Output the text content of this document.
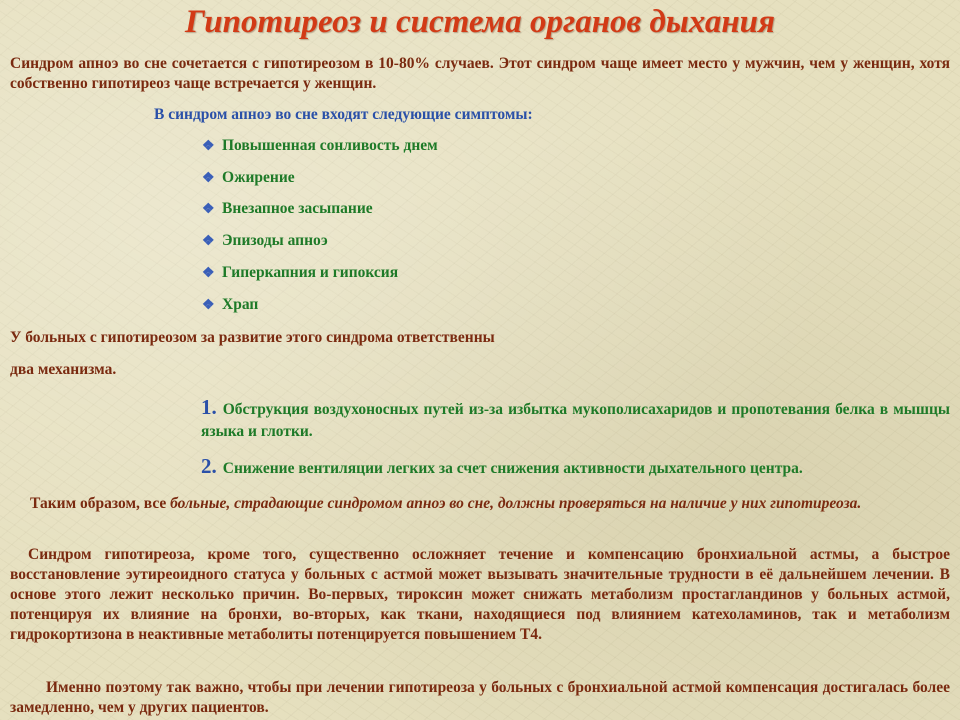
Гипотиреоз и система органов дыхания
Синдром апноэ во сне сочетается с гипотиреозом в 10-80% случаев. Этот синдром чаще имеет место у мужчин, чем у женщин, хотя собственно гипотиреоз чаще встречается у женщин.
В синдром апноэ во сне входят следующие симптомы:
❖ Повышенная сонливость днем
❖ Ожирение
❖ Внезапное засыпание
❖ Эпизоды апноэ
❖ Гиперкапния и гипоксия
❖ Храп
У больных с гипотиреозом за развитие этого синдрома ответственны
два механизма.
1. Обструкция воздухоносных путей из-за избытка мукополисахаридов и пропотевания белка в мышцы языка и глотки.
2. Снижение вентиляции легких за счет снижения активности дыхательного центра.
Таким образом, все больные, страдающие синдромом апноэ во сне, должны проверяться на наличие у них гипотиреоза.
Синдром гипотиреоза, кроме того, существенно осложняет течение и компенсацию бронхиальной астмы, а быстрое восстановление эутиреоидного статуса у больных с астмой может вызывать значительные трудности в её дальнейшем лечении. В основе этого лежит несколько причин. Во-первых, тироксин может снижать метаболизм простагландинов у больных астмой, потенцируя их влияние на бронхи, во-вторых, как ткани, находящиеся под влиянием катехоламинов, так и метаболизм гидрокортизона в неактивные метаболиты потенцируется повышением Т4.
Именно поэтому так важно, чтобы при лечении гипотиреоза у больных с бронхиальной астмой компенсация достигалась более замедленно, чем у других пациентов.
